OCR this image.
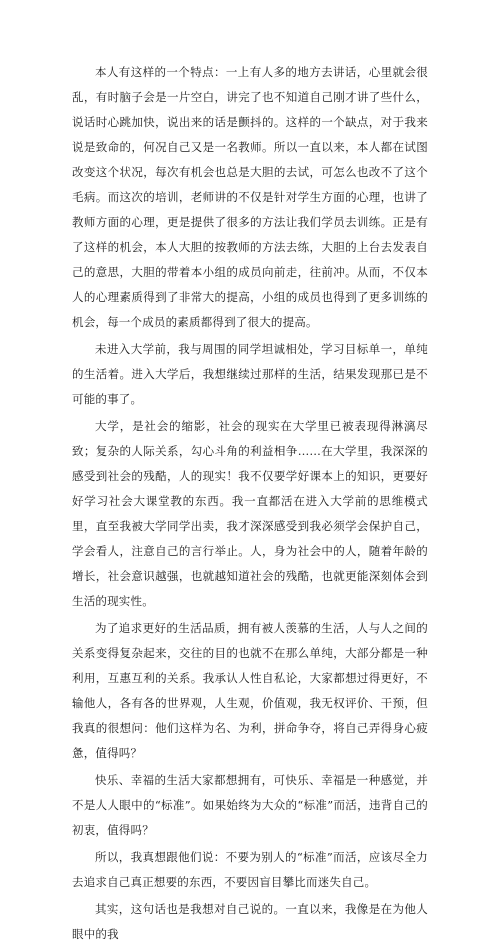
本人有这样的一个特点：一上有人多的地方去讲话，心里就会很乱，有时脑子会是一片空白，讲完了也不知道自己刚才讲了些什么，说话时心跳加快，说出来的话是颤抖的。这样的一个缺点，对于我来说是致命的，何况自己又是一名教师。所以一直以来，本人都在试图改变这个状况，每次有机会也总是大胆的去试，可怎么也改不了这个毛病。而这次的培训，老师讲的不仅是针对学生方面的心理，也讲了教师方面的心理，更是提供了很多的方法让我们学员去训练。正是有了这样的机会，本人大胆的按教师的方法去练，大胆的上台去发表自己的意思，大胆的带着本小组的成员向前走，往前冲。从而，不仅本人的心理素质得到了非常大的提高，小组的成员也得到了更多训练的机会，每一个成员的素质都得到了很大的提高。

未进入大学前，我与周围的同学坦诚相处，学习目标单一，单纯的生活着。进入大学后，我想继续过那样的生活，结果发现那已是不可能的事了。

大学，是社会的缩影，社会的现实在大学里已被表现得淋漓尽致；复杂的人际关系，勾心斗角的利益相争……在大学里，我深深的感受到社会的残酷，人的现实！我不仅要学好课本上的知识，更要好好学习社会大课堂教的东西。我一直都活在进入大学前的思维模式里，直至我被大学同学出卖，我才深深感受到我必须学会保护自己，学会看人，注意自己的言行举止。人，身为社会中的人，随着年龄的增长，社会意识越强，也就越知道社会的残酷，也就更能深刻体会到生活的现实性。

为了追求更好的生活品质，拥有被人羡慕的生活，人与人之间的关系变得复杂起来，交往的目的也就不在那么单纯，大部分都是一种利用，互惠互利的关系。我承认人性自私论，大家都想过得更好，不输他人，各有各的世界观，人生观，价值观，我无权评价、干预，但我真的很想问：他们这样为名、为利，拼命争夺，将自己弄得身心疲惫，值得吗？

快乐、幸福的生活大家都想拥有，可快乐、幸福是一种感觉，并不是人人眼中的“标准”。如果始终为大众的“标准”而活，违背自己的初衷，值得吗？

所以，我真想跟他们说：不要为别人的“标准”而活，应该尽全力去追求自己真正想要的东西，不要因盲目攀比而迷失自己。

其实，这句话也是我想对自己说的。一直以来，我像是在为他人眼中的我
